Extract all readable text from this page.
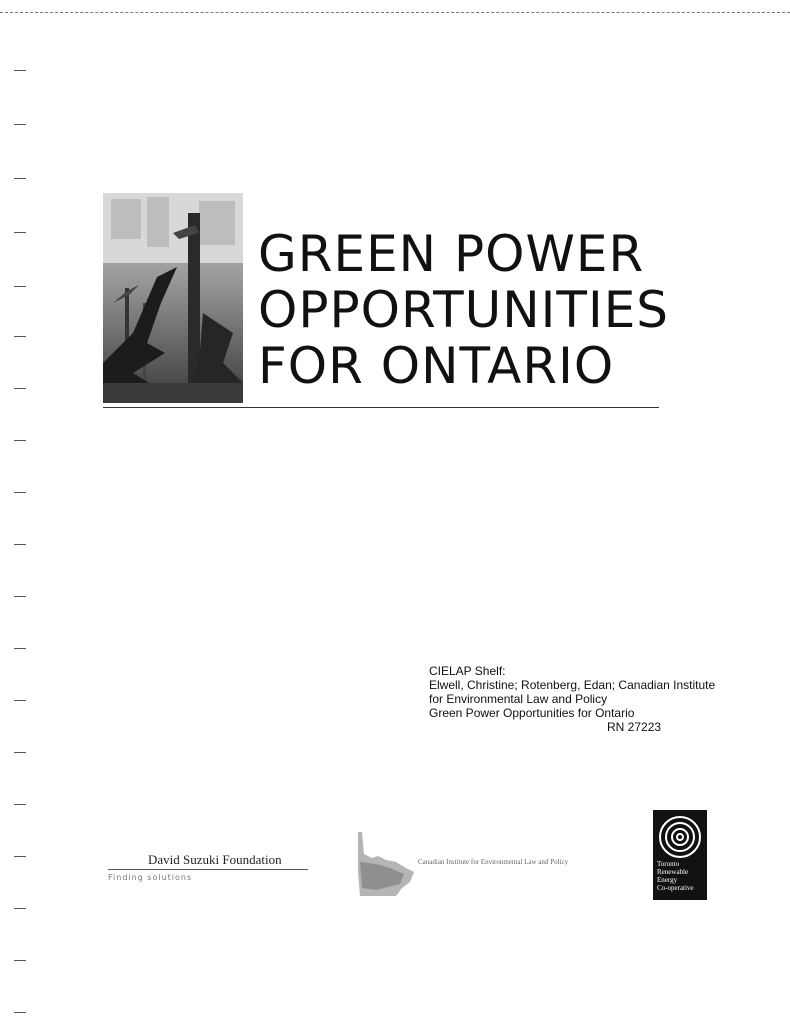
GREEN POWER
OPPORTUNITIES
FOR ONTARIO
CIELAP Shelf:
Elwell, Christine; Rotenberg, Edan; Canadian Institute
for Environmental Law and Policy
Green Power Opportunities for Ontario
RN 27223
David Suzuki Foundation
Finding solutions
Canadian Institute for Environmental Law and Policy	Toronto
Renewable
Energy
Co-operative
